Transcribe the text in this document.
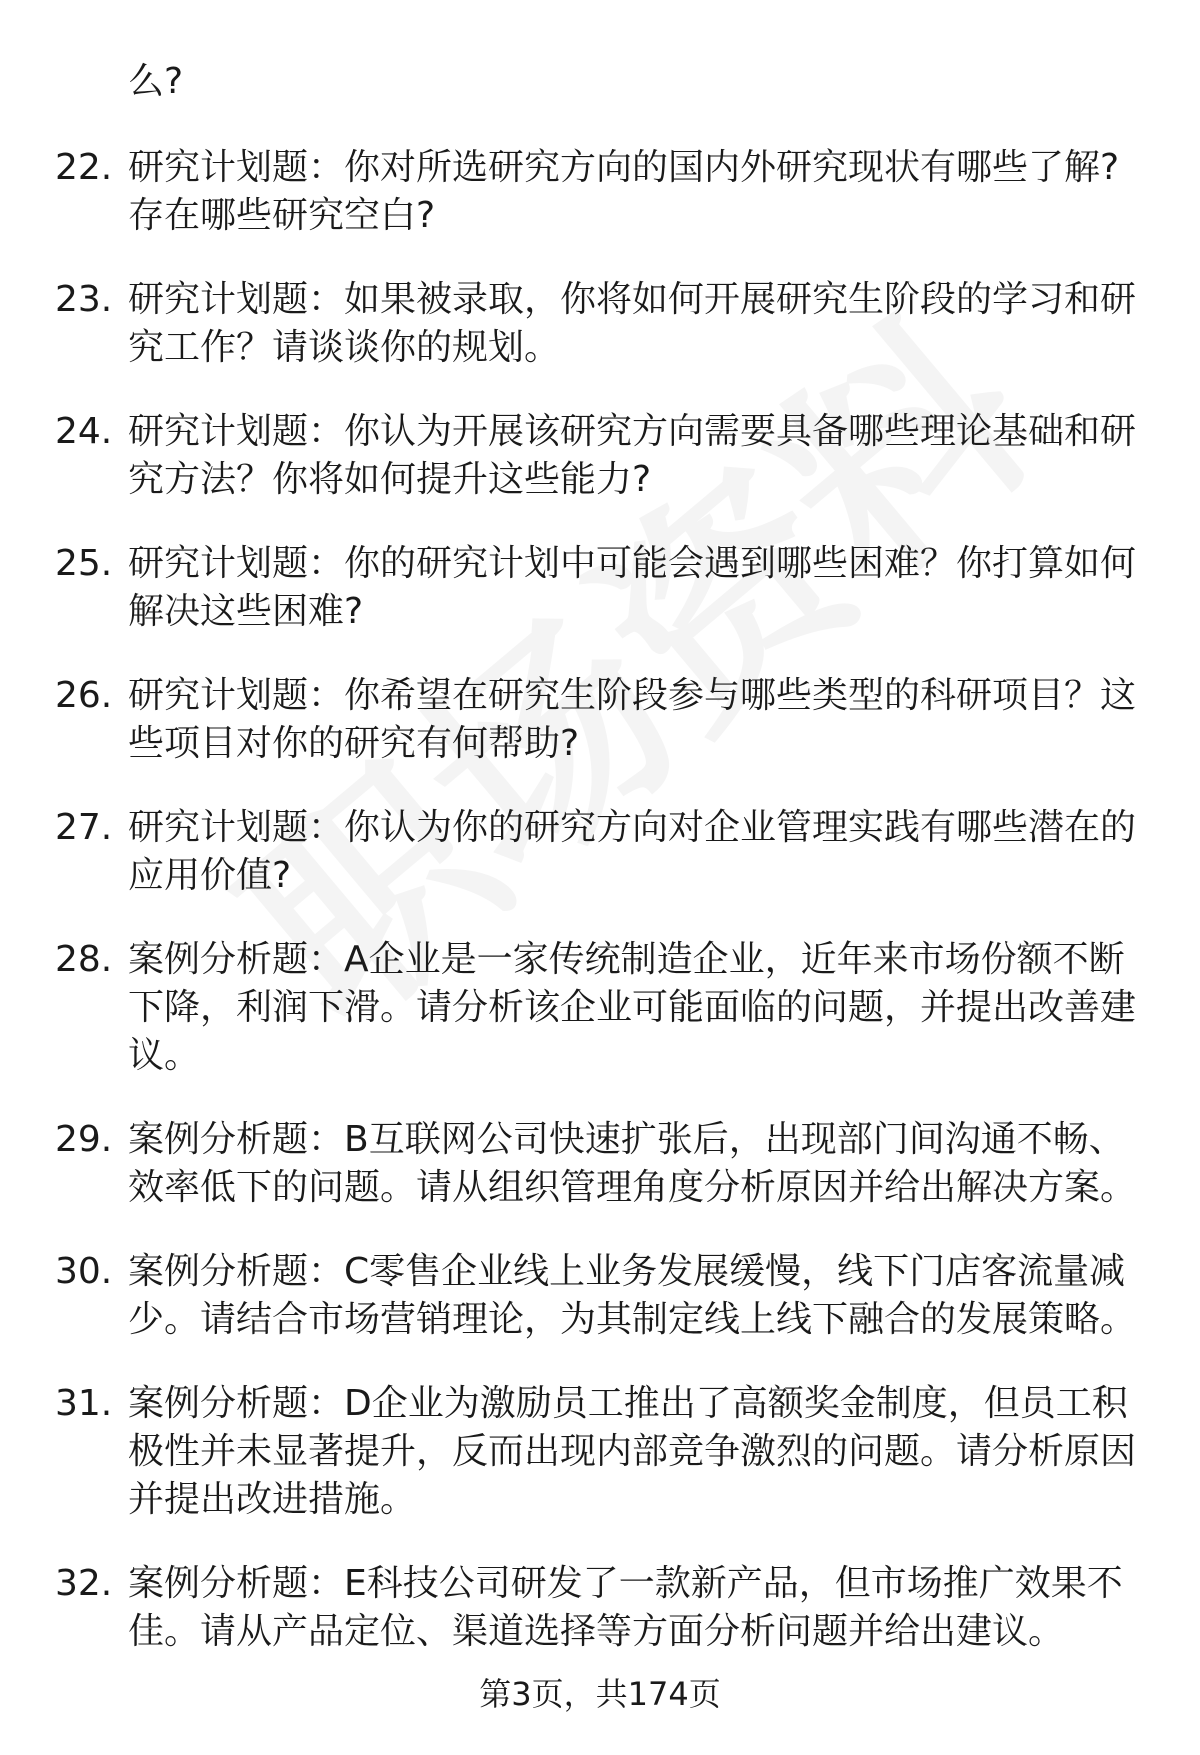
么?
22. 研究计划题：你对所选研究方向的国内外研究现状有哪些了解?
存在哪些研究空白?
23. 研究计划题：如果被录取，你将如何开展研究生阶段的学习和研
究工作？请谈谈你的规划。
24. 研究计划题：你认为开展该研究方向需要具备哪些理论基础和研
究方法？你将如何提升这些能力?
25. 研究计划题：你的研究计划中可能会遇到哪些困难？你打算如何
解决这些困难?
26. 研究计划题：你希望在研究生阶段参与哪些类型的科研项目？这
些项目对你的研究有何帮助?
27. 研究计划题：你认为你的研究方向对企业管理实践有哪些潜在的
应用价值?
28. 案例分析题：A企业是一家传统制造企业，近年来市场份额不断
下降，利润下滑。请分析该企业可能面临的问题，并提出改善建
议。
29. 案例分析题：B互联网公司快速扩张后，出现部门间沟通不畅、
效率低下的问题。请从组织管理角度分析原因并给出解决方案。
30. 案例分析题：C零售企业线上业务发展缓慢，线下门店客流量减
少。请结合市场营销理论，为其制定线上线下融合的发展策略。
31. 案例分析题：D企业为激励员工推出了高额奖金制度，但员工积
极性并未显著提升，反而出现内部竞争激烈的问题。请分析原因
并提出改进措施。
32. 案例分析题：E科技公司研发了一款新产品，但市场推广效果不
佳。请从产品定位、渠道选择等方面分析问题并给出建议。
第3页，共174页
